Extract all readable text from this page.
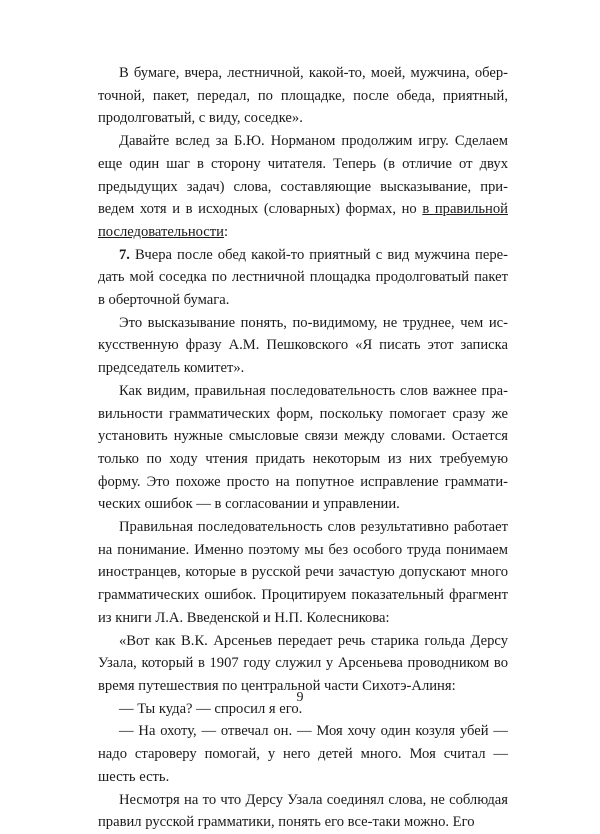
В бумаге, вчера, лестничной, какой-то, моей, мужчина, оберточной, пакет, передал, по площадке, после обеда, приятный, продолговатый, с виду, соседке».

Давайте вслед за Б.Ю. Норманом продолжим игру. Сделаем еще один шаг в сторону читателя. Теперь (в отличие от двух предыдущих задач) слова, составляющие высказывание, приведем хотя и в исходных (словарных) формах, но в правильной последовательности:

7. Вчера после обед какой-то приятный с вид мужчина передать мой соседка по лестничной площадка продолговатый пакет в оберточной бумага.

Это высказывание понять, по-видимому, не труднее, чем искусственную фразу А.М. Пешковского «Я писать этот записка председатель комитет».

Как видим, правильная последовательность слов важнее правильности грамматических форм, поскольку помогает сразу же установить нужные смысловые связи между словами. Остается только по ходу чтения придать некоторым из них требуемую форму. Это похоже просто на попутное исправление грамматических ошибок — в согласовании и управлении.

Правильная последовательность слов результативно работает на понимание. Именно поэтому мы без особого труда понимаем иностранцев, которые в русской речи зачастую допускают много грамматических ошибок. Процитируем показательный фрагмент из книги Л.А. Введенской и Н.П. Колесникова:

«Вот как В.К. Арсеньев передает речь старика гольда Дерсу Узала, который в 1907 году служил у Арсеньева проводником во время путешествия по центральной части Сихотэ-Алиня:

— Ты куда? — спросил я его.

— На охоту, — отвечал он. — Моя хочу один козуля убей — надо староверу помогай, у него детей много. Моя считал — шесть есть.

Несмотря на то что Дерсу Узала соединял слова, не соблюдая правил русской грамматики, понять его все-таки можно. Его

9
